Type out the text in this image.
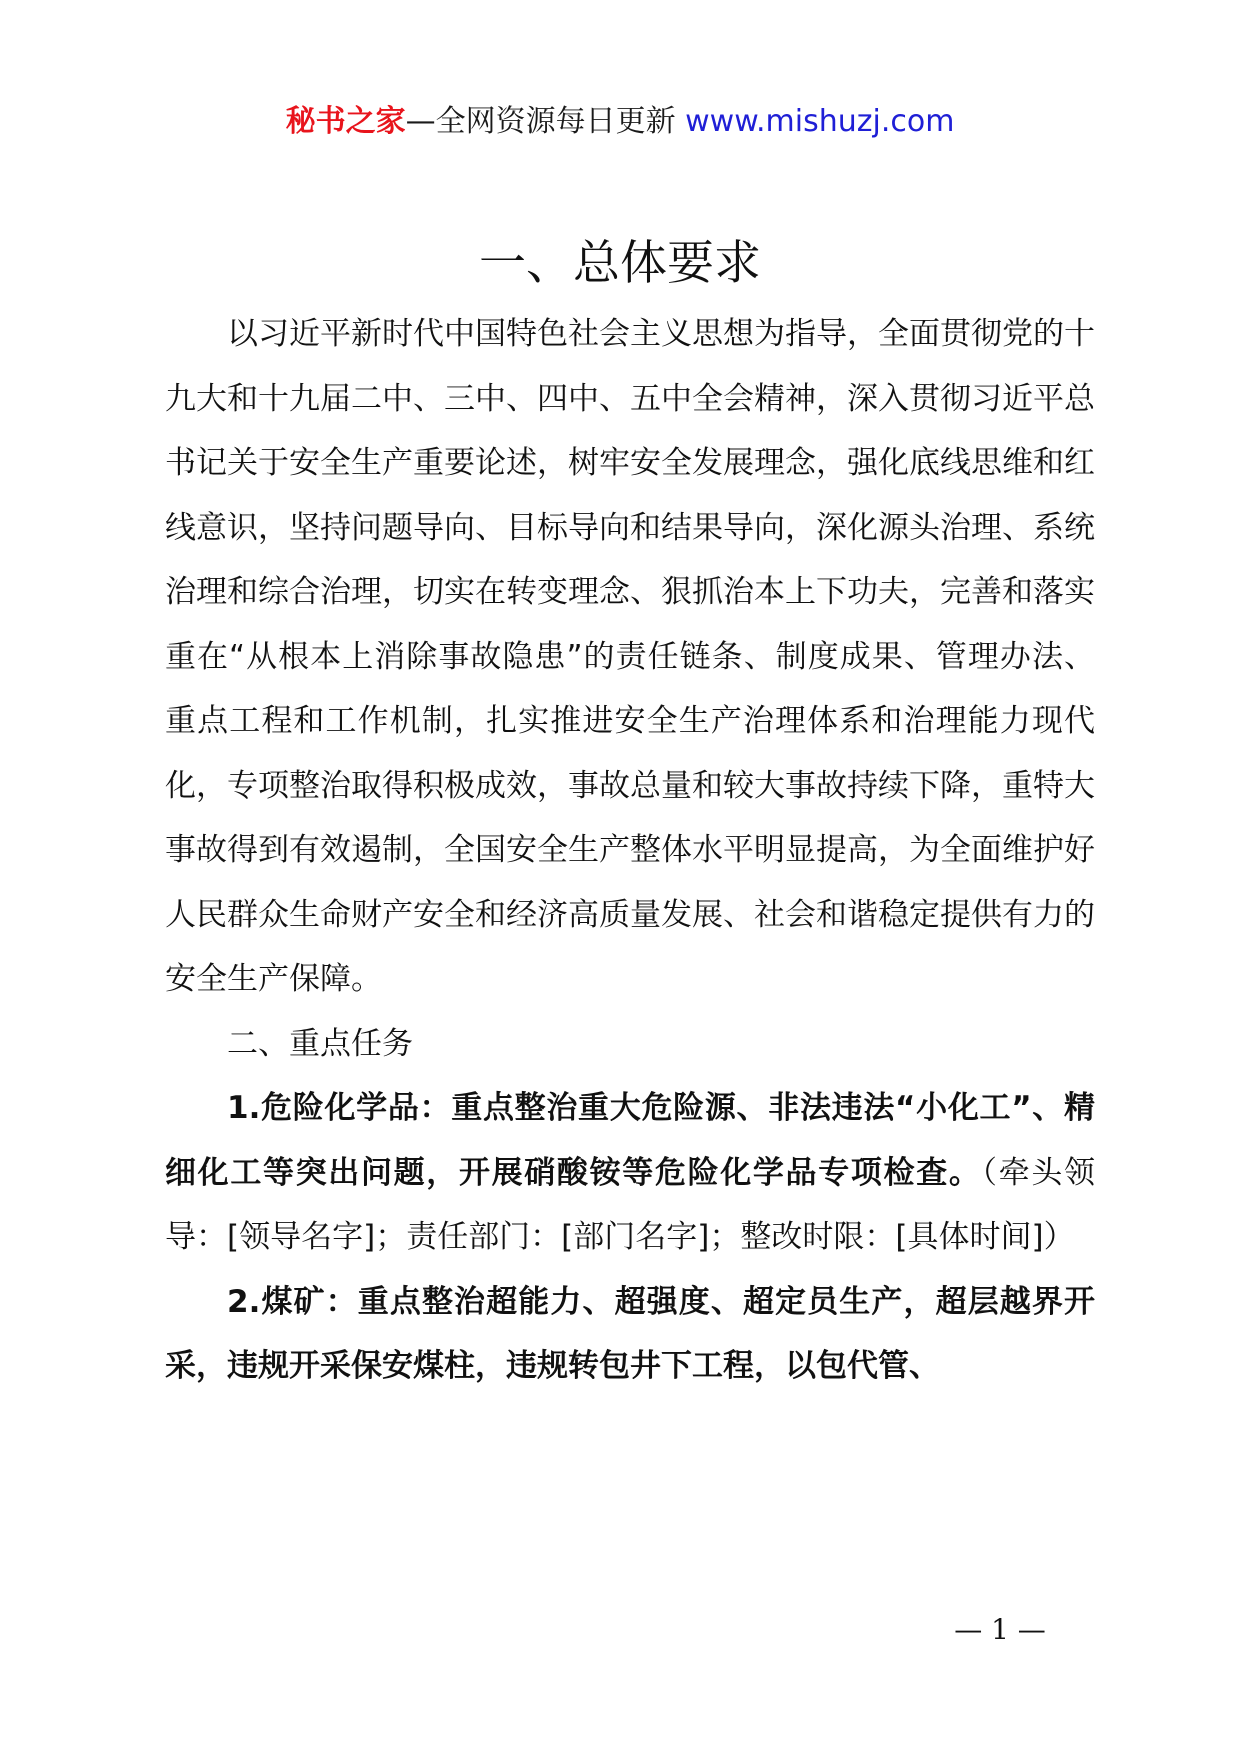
秘书之家—全网资源每日更新 www.mishuzj.com
一、总体要求

以习近平新时代中国特色社会主义思想为指导，全面贯彻党的十九大和十九届二中、三中、四中、五中全会精神，深入贯彻习近平总书记关于安全生产重要论述，树牢安全发展理念，强化底线思维和红线意识，坚持问题导向、目标导向和结果导向，深化源头治理、系统治理和综合治理，切实在转变理念、狠抓治本上下功夫，完善和落实重在“从根本上消除事故隐患”的责任链条、制度成果、管理办法、重点工程和工作机制，扎实推进安全生产治理体系和治理能力现代化，专项整治取得积极成效，事故总量和较大事故持续下降，重特大事故得到有效遏制，全国安全生产整体水平明显提高，为全面维护好人民群众生命财产安全和经济高质量发展、社会和谐稳定提供有力的安全生产保障。

二、重点任务

1.危险化学品：重点整治重大危险源、非法违法“小化工”、精细化工等突出问题，开展硝酸铵等危险化学品专项检查。（牵头领导：[领导名字]；责任部门：[部门名字]；整改时限：[具体时间]）

2.煤矿：重点整治超能力、超强度、超定员生产，超层越界开采，违规开采保安煤柱，违规转包井下工程，以包代管、

— 1 —
